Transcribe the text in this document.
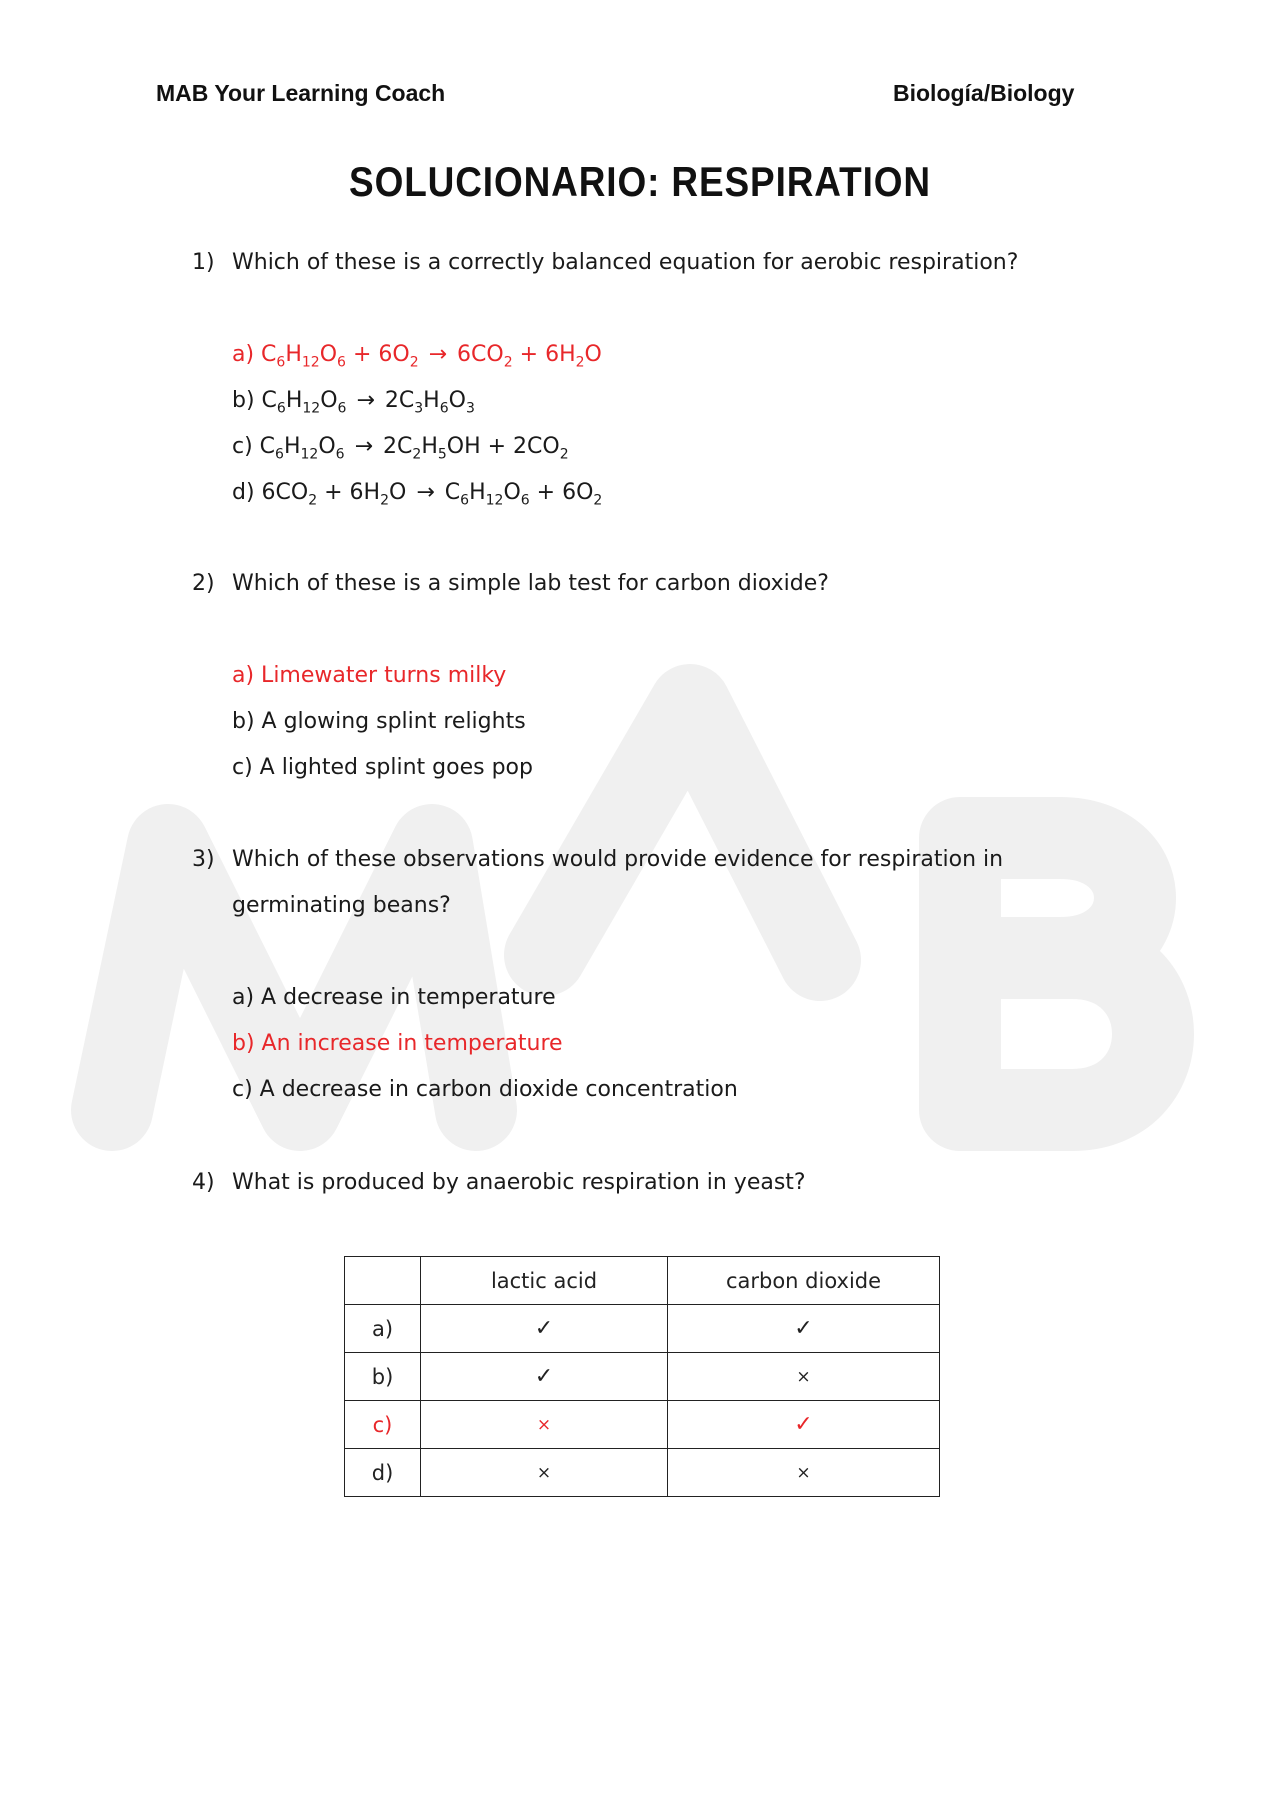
MAB Your Learning Coach	Biología/Biology
SOLUCIONARIO: RESPIRATION
1) Which of these is a correctly balanced equation for aerobic respiration?
a) $C_6H_{12}O_6 + 6O_2 \to 6CO_2 + 6H_2O$
b) $C_6H_{12}O_6 \to 2C_3H_6O_3$
c) $C_6H_{12}O_6 \to 2C_2H_5OH + 2CO_2$
d) $6CO_2 + 6H_2O \to C_6H_{12}O_6 + 6O_2$
2) Which of these is a simple lab test for carbon dioxide?
a) Limewater turns milky
b) A glowing splint relights
c) A lighted splint goes pop
3) Which of these observations would provide evidence for respiration in germinating beans?
a) A decrease in temperature
b) An increase in temperature
c) A decrease in carbon dioxide concentration
4) What is produced by anaerobic respiration in yeast?
	lactic acid	carbon dioxide
a)	✓	✓
b)	✓	×
c)	×	✓
d)	×	×
